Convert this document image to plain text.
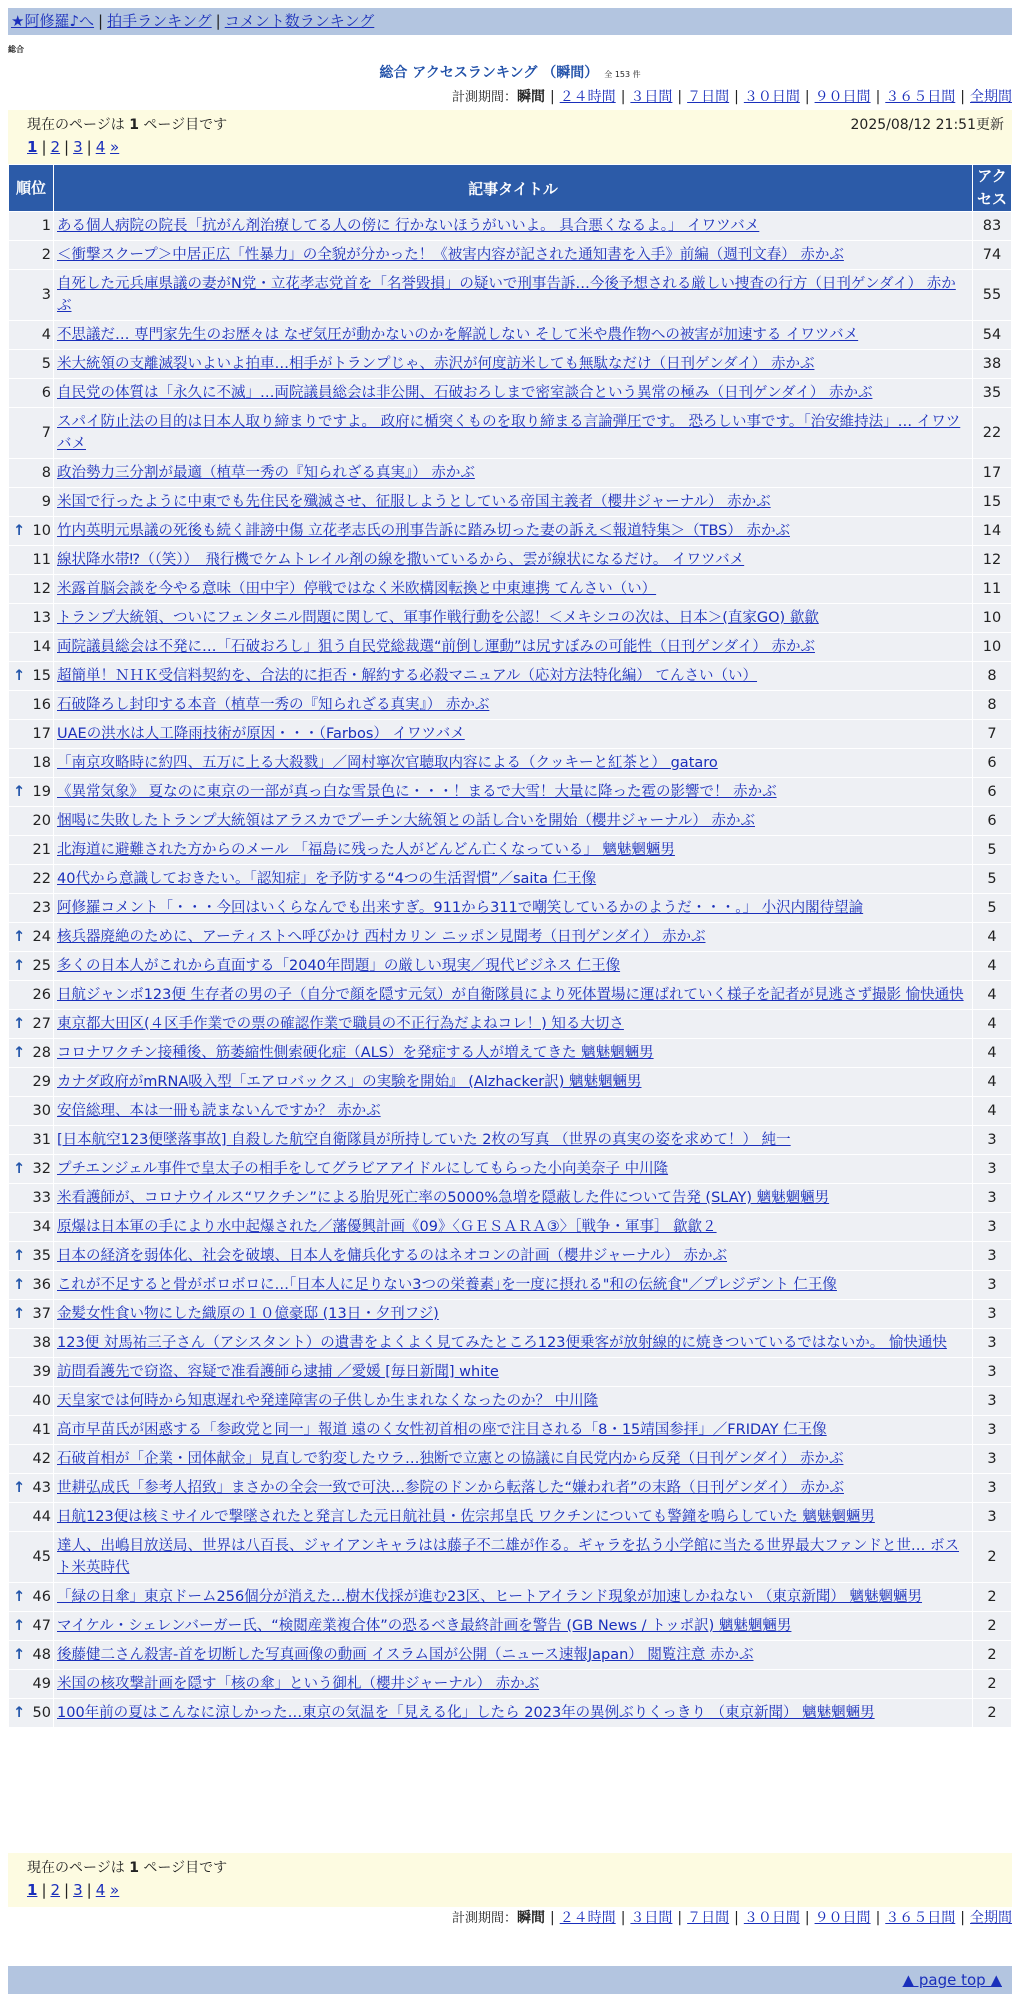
★阿修羅♪へ | 拍手ランキング | コメント数ランキング
総合
総合 アクセスランキング （瞬間） 全 153 件
計測期間：瞬間 | ２４時間 | ３日間 | ７日間 | ３０日間 | ９０日間 | ３６５日間 | 全期間
現在のページは 1 ページ目です	2025/08/12 21:51更新
1 | 2 | 3 | 4 »
順位	記事タイトル	アクセス
1	ある個人病院の院長「抗がん剤治療してる人の傍に 行かないほうがいいよ。 具合悪くなるよ。」 イワツバメ	83
2	＜衝撃スクープ＞中居正広「性暴力」の全貌が分かった！《被害内容が記された通知書を入手》前編（週刊文春） 赤かぶ	74
3	自死した元兵庫県議の妻がN党・立花孝志党首を「名誉毀損」の疑いで刑事告訴…今後予想される厳しい捜査の行方（日刊ゲンダイ） 赤かぶ	55
4	不思議だ… 専門家先生のお歴々は なぜ気圧が動かないのかを解説しない そして米や農作物への被害が加速する イワツバメ	54
5	米大統領の支離滅裂いよいよ拍車…相手がトランプじゃ、赤沢が何度訪米しても無駄なだけ（日刊ゲンダイ） 赤かぶ	38
6	自民党の体質は「永久に不滅」…両院議員総会は非公開、石破おろしまで密室談合という異常の極み（日刊ゲンダイ） 赤かぶ	35
7	スパイ防止法の目的は日本人取り締まりですよ。 政府に楯突くものを取り締まる言論弾圧です。 恐ろしい事です。「治安維持法」… イワツバメ	22
8	政治勢力三分割が最適（植草一秀の『知られざる真実』） 赤かぶ	17
9	米国で行ったように中東でも先住民を殲滅させ、征服しようとしている帝国主義者（櫻井ジャーナル） 赤かぶ	15

↑ 10	竹内英明元県議の死後も続く誹謗中傷 立花孝志氏の刑事告訴に踏み切った妻の訴え＜報道特集＞（TBS） 赤かぶ	14
11	線状降水帯⁉（（笑））　飛行機でケムトレイル剤の線を撒いているから、雲が線状になるだけ。 イワツバメ	12
12	米露首脳会談を今やる意味（田中宇）停戦ではなく米欧構図転換と中東連携 てんさい（い）	11
13	トランプ大統領、ついにフェンタニル問題に関して、軍事作戦行動を公認！＜メキシコの次は、日本＞(直家GO) 歙歙	10
14	両院議員総会は不発に…「石破おろし」狙う自民党総裁選“前倒し運動”は尻すぼみの可能性（日刊ゲンダイ） 赤かぶ	10

↑ 15	超簡単！ＮＨＫ受信料契約を、合法的に拒否・解約する必殺マニュアル（応対方法特化編） てんさい（い）	8
16	石破降ろし封印する本音（植草一秀の『知られざる真実』） 赤かぶ	8
17	UAEの洪水は人工降雨技術が原因・・・（Farbos） イワツバメ	7
18	「南京攻略時に約四、五万に上る大殺戮」／岡村寧次官聴取内容による（クッキーと紅茶と） gataro	6

↑ 19	《異常気象》 夏なのに東京の一部が真っ白な雪景色に・・・！まるで大雪！大量に降った雹の影響で！ 赤かぶ	6
20	悃喝に失敗したトランプ大統領はアラスカでプーチン大統領との話し合いを開始（櫻井ジャーナル） 赤かぶ	6
21	北海道に避難された方からのメール 「福島に残った人がどんどん亡くなっている」 魑魅魍魎男	5
22	40代から意識しておきたい。「認知症」を予防する“4つの生活習慣”／saita 仁王像	5
23	阿修羅コメント「・・・今回はいくらなんでも出来すぎ。911から311で嘲笑しているかのようだ・・・。」 小沢内閣待望論	5

↑ 24	核兵器廃絶のために、アーティストへ呼びかけ 西村カリン ニッポン見聞考（日刊ゲンダイ） 赤かぶ	4

↑ 25	多くの日本人がこれから直面する「2040年問題」の厳しい現実／現代ビジネス 仁王像	4
26	日航ジャンボ123便 生存者の男の子（自分で顔を隠す元気）が自衛隊員により死体置場に運ばれていく様子を記者が見逃さず撮影 愉快通快	4

↑ 27	東京都大田区(４区手作業での票の確認作業で職員の不正行為だよねコレ！) 知る大切さ	4

↑ 28	コロナワクチン接種後、筋萎縮性側索硬化症（ALS）を発症する人が増えてきた 魑魅魍魎男	4
29	カナダ政府がmRNA吸入型「エアロバックス」の実験を開始』 (Alzhacker訳) 魑魅魍魎男	4
30	安倍総理、本は一冊も読まないんですか？ 赤かぶ	4
31	[日本航空123便墜落事故] 自殺した航空自衛隊員が所持していた 2枚の写真 （世界の真実の姿を求めて！） 純一	3

↑ 32	プチエンジェル事件で皇太子の相手をしてグラビアアイドルにしてもらった小向美奈子 中川隆	3
33	米看護師が、コロナウイルス“ワクチン”による胎児死亡率の5000%急増を隠蔽した件について告発 (SLAY) 魑魅魍魎男	3
34	原爆は日本軍の手により水中起爆された／藩優興計画《09》〈ＧＥＳＡＲＡ③〉［戦争・軍事］ 歙歙２	3

↑ 35	日本の経済を弱体化、社会を破壊、日本人を傭兵化するのはネオコンの計画（櫻井ジャーナル） 赤かぶ	3

↑ 36	これが不足すると骨がボロボロに…｢日本人に足りない3つの栄養素｣を一度に摂れる"和の伝統食"／プレジデント 仁王像	3

↑ 37	金髪女性食い物にした織原の１０億豪邸 (13日・夕刊フジ)	3
38	123便 対馬祐三子さん（アシスタント）の遺書をよくよく見てみたところ123便乗客が放射線的に焼きついているではないか。 愉快通快	3
39	訪問看護先で窃盗、容疑で准看護師ら逮捕 ／愛媛 [毎日新聞] white	3
40	天皇家では何時から知恵遅れや発達障害の子供しか生まれなくなったのか？ 中川隆	3
41	高市早苗氏が困惑する「参政党と同一」報道 遠のく女性初首相の座で注目される「8・15靖国参拝」／FRIDAY 仁王像	3
42	石破首相が「企業・団体献金」見直しで豹変したウラ…独断で立憲との協議に自民党内から反発（日刊ゲンダイ） 赤かぶ	3

↑ 43	世耕弘成氏「参考人招致」まさかの全会一致で可決…参院のドンから転落した“嫌われ者”の末路（日刊ゲンダイ） 赤かぶ	3
44	日航123便は核ミサイルで撃墜されたと発言した元日航社員・佐宗邦皇氏 ワクチンについても警鐘を鳴らしていた 魑魅魍魎男	3
45	達人、出嶋目放送局、世界は八百長、ジャイアンキャラはは藤子不二雄が作る。ギャラを払う小学館に当たる世界最大ファンドと世… ボスト米英時代	2

↑ 46	「緑の日傘」東京ドーム256個分が消えた…樹木伐採が進む23区、ヒートアイランド現象が加速しかねない （東京新聞） 魑魅魍魎男	2

↑ 47	マイケル・シェレンバーガー氏、“検閲産業複合体”の恐るべき最終計画を警告 (GB News / トッポ訳) 魑魅魍魎男	2

↑ 48	後藤健二さん殺害-首を切断した写真画像の動画 イスラム国が公開（ニュース速報Japan） 閲覧注意 赤かぶ	2
49	米国の核攻撃計画を隠す「核の傘」という御札（櫻井ジャーナル） 赤かぶ	2

↑ 50	100年前の夏はこんなに涼しかった…東京の気温を「見える化」したら 2023年の異例ぶりくっきり （東京新聞） 魑魅魍魎男	2
現在のページは 1 ページ目です
1 | 2 | 3 | 4 »
計測期間：瞬間 | ２４時間 | ３日間 | ７日間 | ３０日間 | ９０日間 | ３６５日間 | 全期間
▲ page top ▲
